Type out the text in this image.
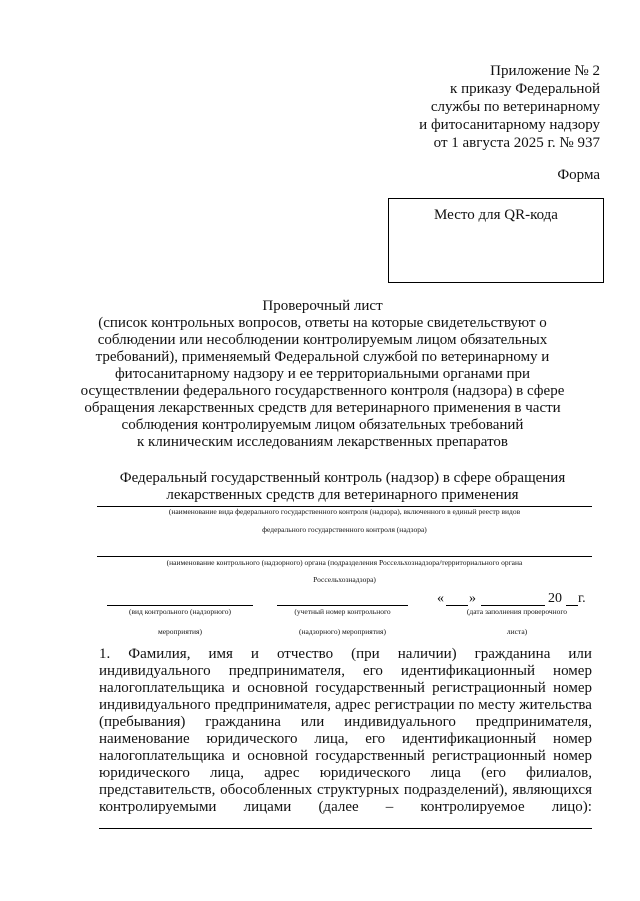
Приложение № 2
к приказу Федеральной
службы по ветеринарному
и фитосанитарному надзору
от 1 августа 2025 г. № 937
Форма
Место для QR-кода
Проверочный лист
(список контрольных вопросов, ответы на которые свидетельствуют о
соблюдении или несоблюдении контролируемым лицом обязательных
требований), применяемый Федеральной службой по ветеринарному и
фитосанитарному надзору и ее территориальными органами при
осуществлении федерального государственного контроля (надзора) в сфере
обращения лекарственных средств для ветеринарного применения в части
соблюдения контролируемым лицом обязательных требований
к клиническим исследованиям лекарственных препаратов
Федеральный государственный контроль (надзор) в сфере обращения
лекарственных средств для ветеринарного применения
(наименование вида федерального государственного контроля (надзора), включенного в единый реестр видов
федерального государственного контроля (надзора)
(наименование контрольного (надзорного) органа (подразделения Россельхознадзора/территориального органа
Россельхознадзора)
(вид контрольного (надзорного)
мероприятия)
(учетный номер контрольного
(надзорного) мероприятия)
« »	20 г.
(дата заполнения проверочного
листа)
1. Фамилия, имя и отчество (при наличии) гражданина или
индивидуального предпринимателя, его идентификационный номер
налогоплательщика и основной государственный регистрационный номер
индивидуального предпринимателя, адрес регистрации по месту жительства
(пребывания) гражданина или индивидуального предпринимателя,
наименование юридического лица, его идентификационный номер
налогоплательщика и основной государственный регистрационный номер
юридического лица, адрес юридического лица (его филиалов,
представительств, обособленных структурных подразделений), являющихся
контролируемыми лицами (далее – контролируемое лицо):
